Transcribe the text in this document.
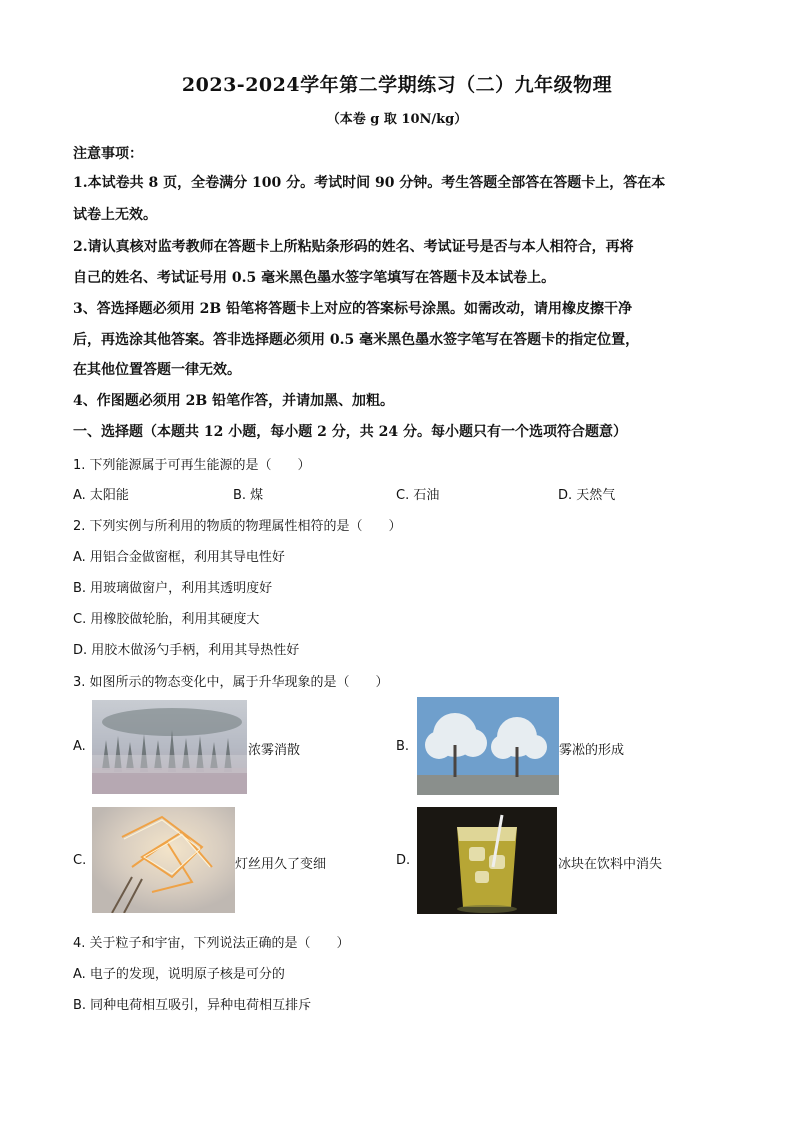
2023-2024学年第二学期练习（二）九年级物理
（本卷 g 取 10N/kg）
注意事项：
1.本试卷共 8 页，全卷满分 100 分。考试时间 90 分钟。考生答题全部答在答题卡上，答在本
试卷上无效。
2.请认真核对监考教师在答题卡上所粘贴条形码的姓名、考试证号是否与本人相符合，再将
自己的姓名、考试证号用 0.5 毫米黑色墨水签字笔填写在答题卡及本试卷上。
3、答选择题必须用 2B 铅笔将答题卡上对应的答案标号涂黑。如需改动，请用橡皮擦干净
后，再选涂其他答案。答非选择题必须用 0.5 毫米黑色墨水签字笔写在答题卡的指定位置，
在其他位置答题一律无效。
4、作图题必须用 2B 铅笔作答，并请加黑、加粗。
一、选择题（本题共 12 小题，每小题 2 分，共 24 分。每小题只有一个选项符合题意）
1. 下列能源属于可再生能源的是（　　）
A. 太阳能	B. 煤	C. 石油	D. 天然气
2. 下列实例与所利用的物质的物理属性相符的是（　　）
A. 用铝合金做窗框，利用其导电性好
B. 用玻璃做窗户，利用其透明度好
C. 用橡胶做轮胎，利用其硬度大
D. 用胶木做汤勺手柄，利用其导热性好
3. 如图所示的物态变化中，属于升华现象的是（　　）
A.	浓雾消散	B.	雾凇的形成
C.	灯丝用久了变细	D.	冰块在饮料中消失
4. 关于粒子和宇宙，下列说法正确的是（　　）
A. 电子的发现，说明原子核是可分的
B. 同种电荷相互吸引，异种电荷相互排斥
